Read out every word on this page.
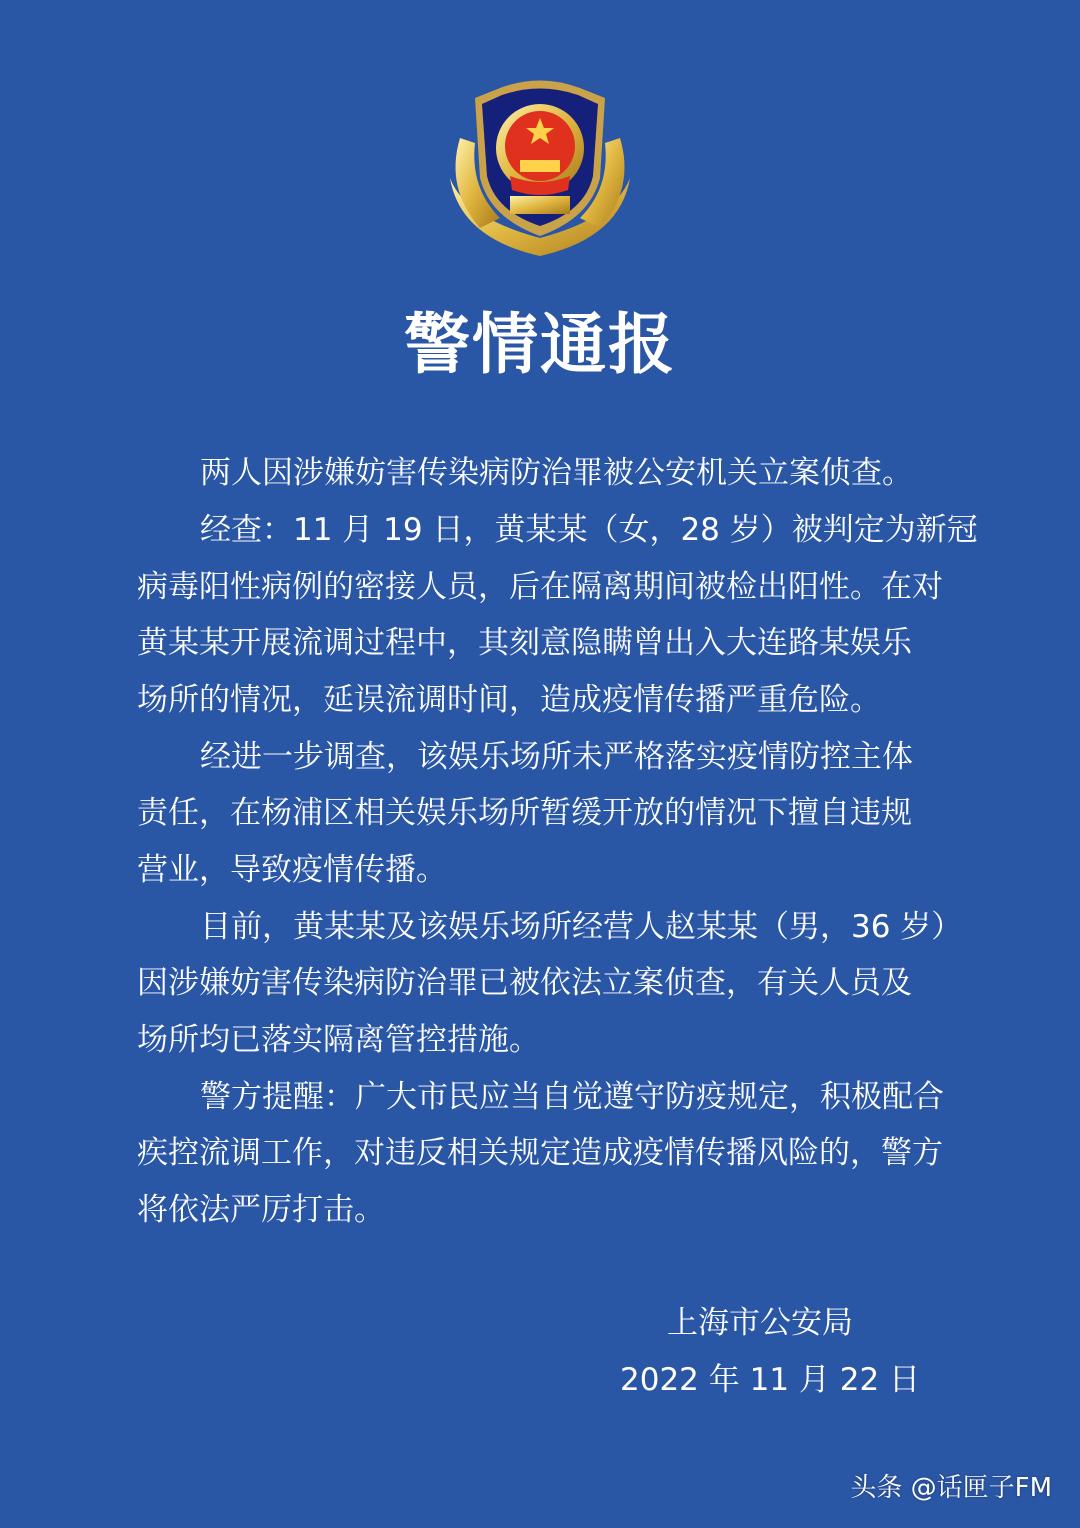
警情通报
两人因涉嫌妨害传染病防治罪被公安机关立案侦查。
经查：11 月 19 日，黄某某（女，28 岁）被判定为新冠
病毒阳性病例的密接人员，后在隔离期间被检出阳性。在对
黄某某开展流调过程中，其刻意隐瞒曾出入大连路某娱乐
场所的情况，延误流调时间，造成疫情传播严重危险。
经进一步调查，该娱乐场所未严格落实疫情防控主体
责任，在杨浦区相关娱乐场所暂缓开放的情况下擅自违规
营业，导致疫情传播。
目前，黄某某及该娱乐场所经营人赵某某（男，36 岁）
因涉嫌妨害传染病防治罪已被依法立案侦查，有关人员及
场所均已落实隔离管控措施。
警方提醒：广大市民应当自觉遵守防疫规定，积极配合
疾控流调工作，对违反相关规定造成疫情传播风险的，警方
将依法严厉打击。
上海市公安局
2022 年 11 月 22 日
头条 @话匣子FM
